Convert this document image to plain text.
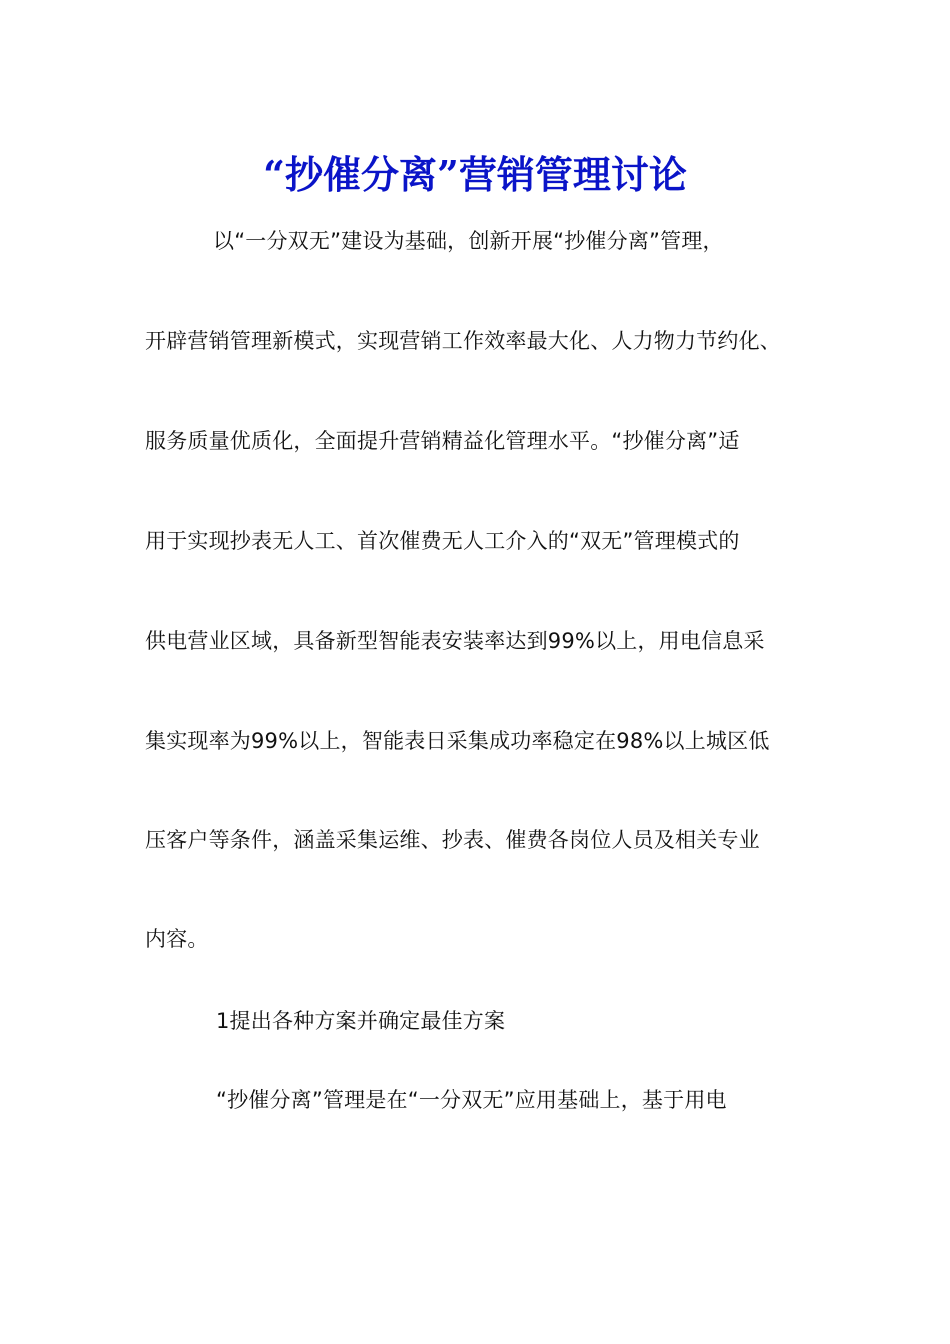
“抄催分离”营销管理讨论
以“一分双无”建设为基础，创新开展“抄催分离”管理，
开辟营销管理新模式，实现营销工作效率最大化、人力物力节约化、
服务质量优质化，全面提升营销精益化管理水平。“抄催分离”适
用于实现抄表无人工、首次催费无人工介入的“双无”管理模式的
供电营业区域，具备新型智能表安装率达到99%以上，用电信息采
集实现率为99%以上，智能表日采集成功率稳定在98%以上城区低
压客户等条件，涵盖采集运维、抄表、催费各岗位人员及相关专业
内容。
1提出各种方案并确定最佳方案
“抄催分离”管理是在“一分双无”应用基础上，基于用电
